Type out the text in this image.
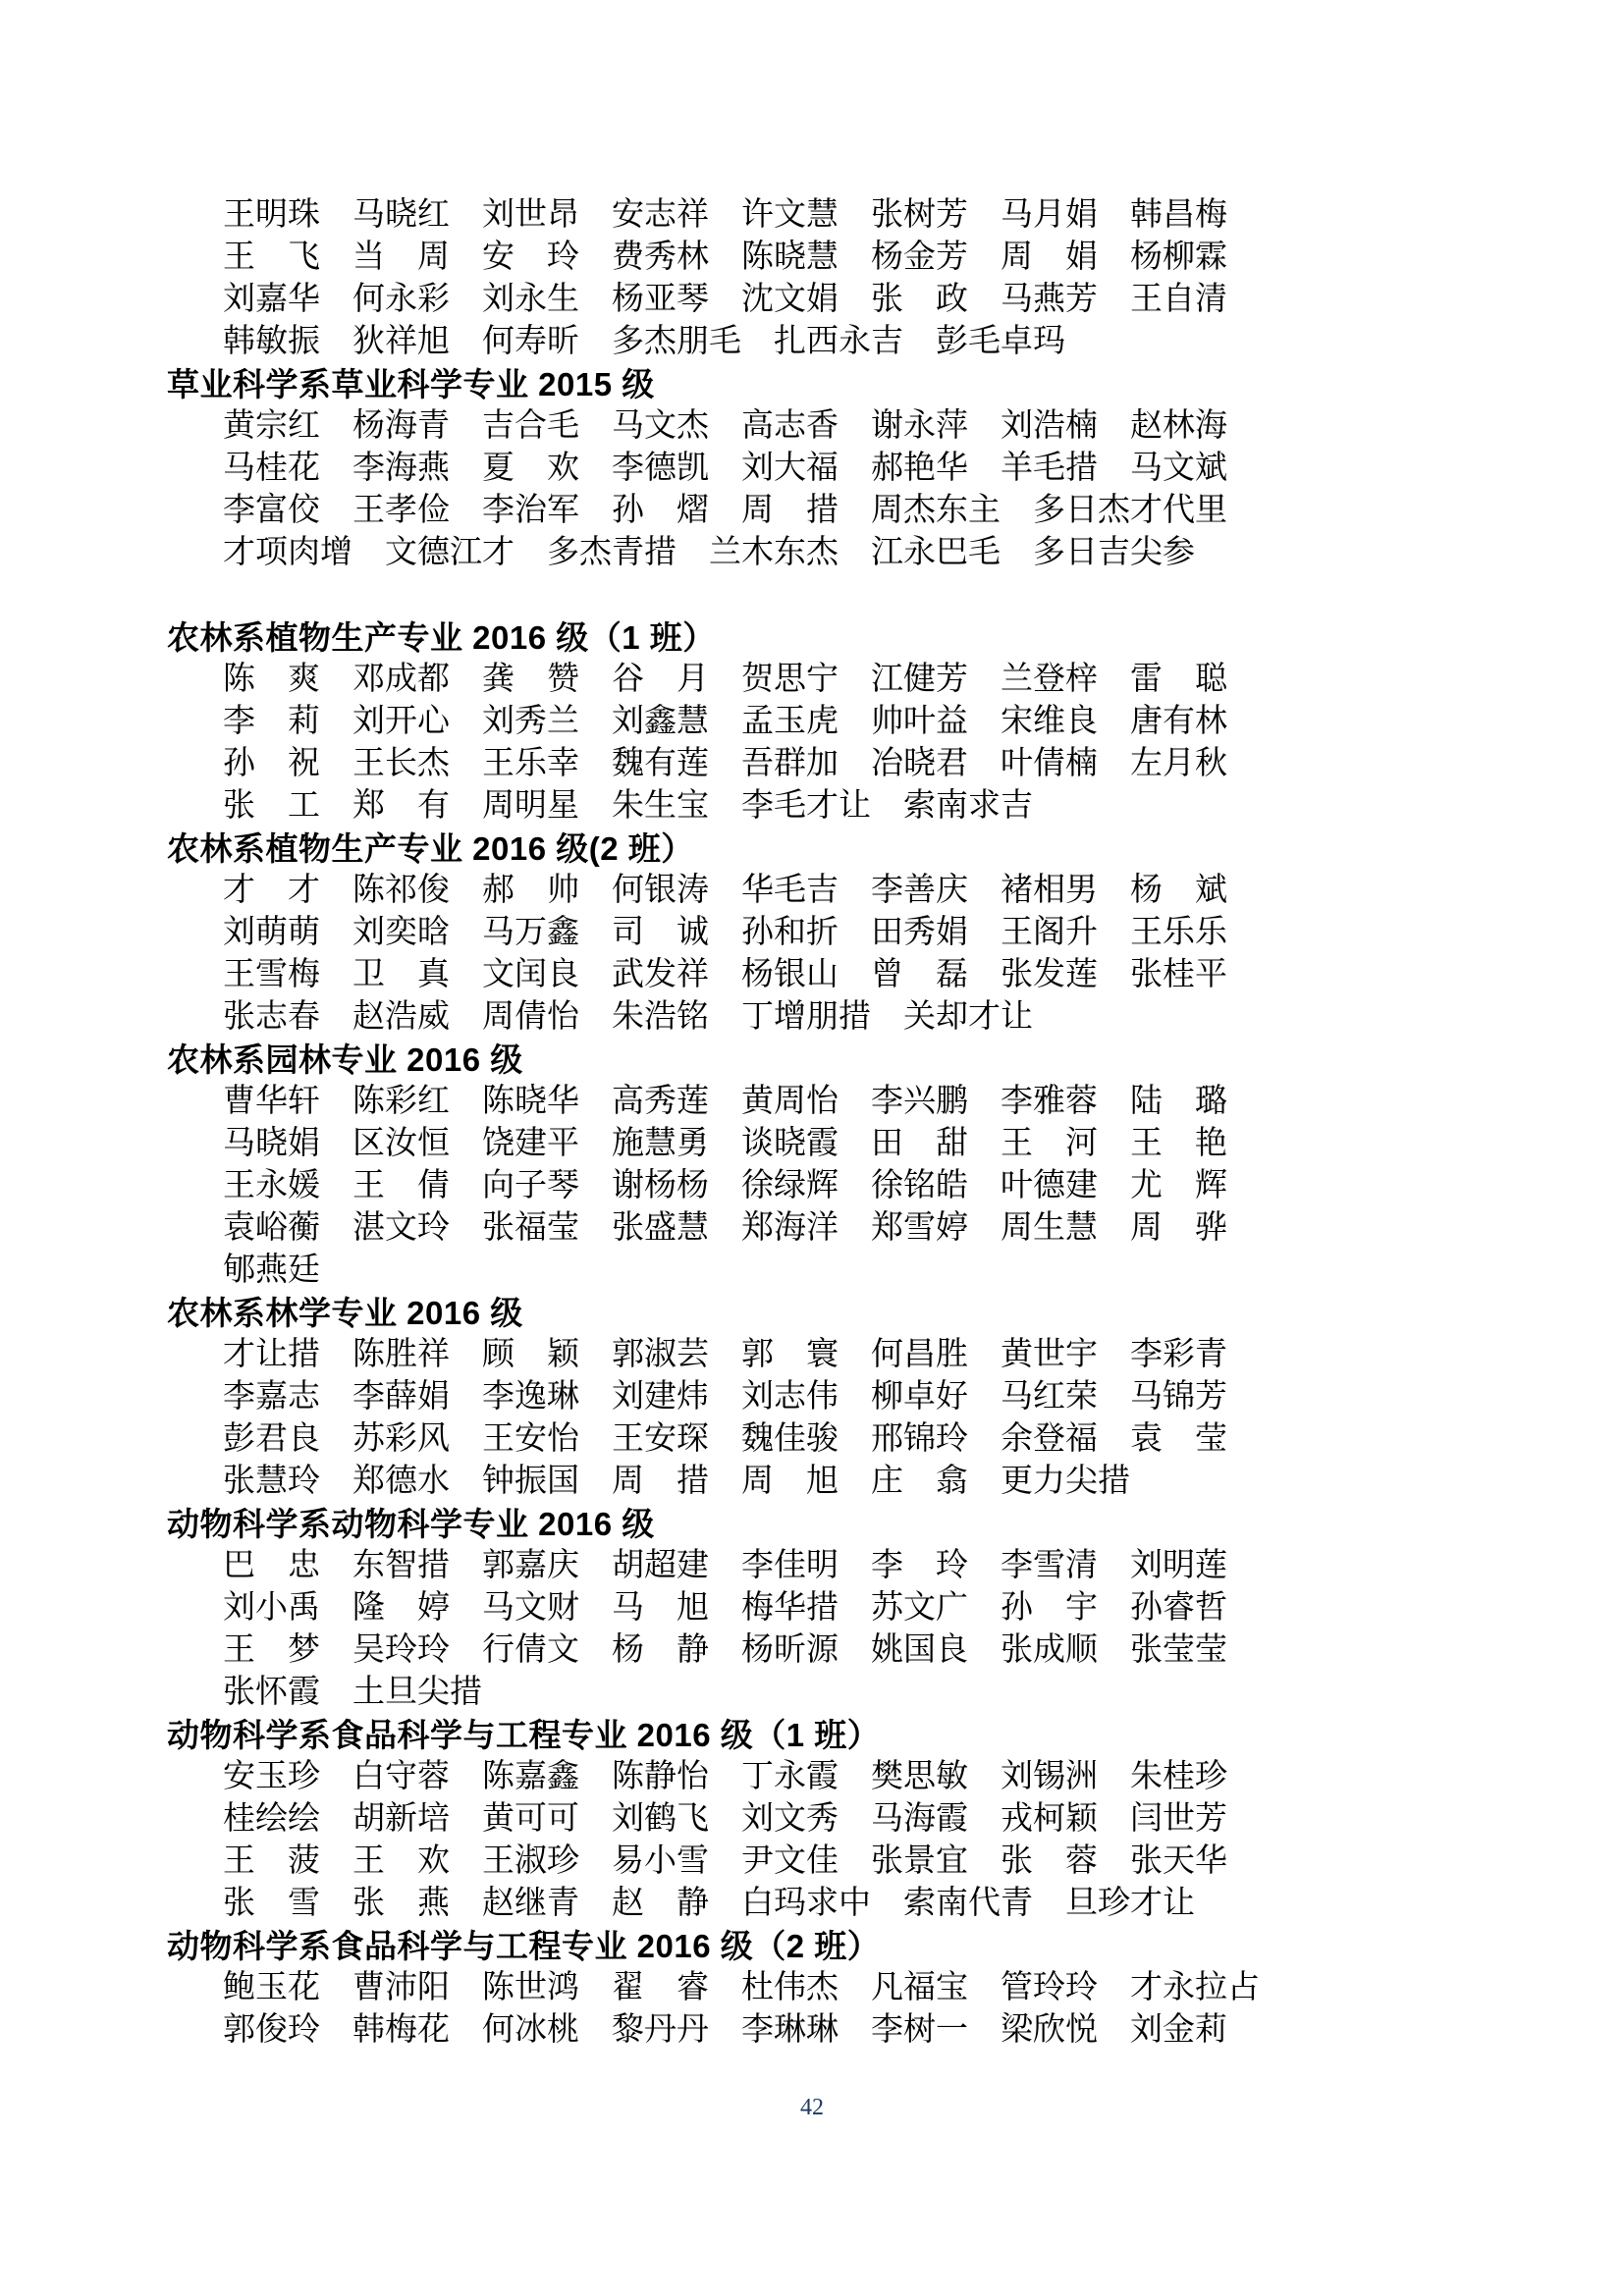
王明珠 马晓红 刘世昂 安志祥 许文慧 张树芳 马月娟 韩昌梅
王　飞 当　周 安　玲 费秀林 陈晓慧 杨金芳 周　娟 杨柳霖
刘嘉华 何永彩 刘永生 杨亚琴 沈文娟 张　政 马燕芳 王自清
韩敏振 狄祥旭 何寿昕 多杰朋毛 扎西永吉 彭毛卓玛
草业科学系草业科学专业 2015 级
黄宗红 杨海青 吉合毛 马文杰 高志香 谢永萍 刘浩楠 赵林海
马桂花 李海燕 夏　欢 李德凯 刘大福 郝艳华 羊毛措 马文斌
李富佼 王孝俭 李治军 孙　熠 周　措 周杰东主 多日杰才代里
才项肉增 文德江才 多杰青措 兰木东杰 江永巴毛 多日吉尖参
农林系植物生产专业 2016 级（1 班）
陈　爽 邓成都 龚　赞 谷　月 贺思宁 江健芳 兰登梓 雷　聪
李　莉 刘开心 刘秀兰 刘鑫慧 孟玉虎 帅叶益 宋维良 唐有林
孙　祝 王长杰 王乐幸 魏有莲 吾群加 冶晓君 叶倩楠 左月秋
张　工 郑　有 周明星 朱生宝 李毛才让 索南求吉
农林系植物生产专业 2016 级(2 班）
才　才 陈祁俊 郝　帅 何银涛 华毛吉 李善庆 褚相男 杨　斌
刘萌萌 刘奕晗 马万鑫 司　诚 孙和折 田秀娟 王阁升 王乐乐
王雪梅 卫　真 文闰良 武发祥 杨银山 曾　磊 张发莲 张桂平
张志春 赵浩威 周倩怡 朱浩铭 丁增朋措 关却才让
农林系园林专业 2016 级
曹华轩 陈彩红 陈晓华 高秀莲 黄周怡 李兴鹏 李雅蓉 陆　璐
马晓娟 区汝恒 饶建平 施慧勇 谈晓霞 田　甜 王　河 王　艳
王永媛 王　倩 向子琴 谢杨杨 徐绿辉 徐铭皓 叶德建 尤　辉
袁峪蘅 湛文玲 张福莹 张盛慧 郑海洋 郑雪婷 周生慧 周　骅
郇燕廷
农林系林学专业 2016 级
才让措 陈胜祥 顾　颖 郭淑芸 郭　寰 何昌胜 黄世宇 李彩青
李嘉志 李薛娟 李逸琳 刘建炜 刘志伟 柳卓好 马红荣 马锦芳
彭君良 苏彩风 王安怡 王安琛 魏佳骏 邢锦玲 余登福 袁　莹
张慧玲 郑德水 钟振国 周　措 周　旭 庄　翕 更力尖措
动物科学系动物科学专业 2016 级
巴　忠 东智措 郭嘉庆 胡超建 李佳明 李　玲 李雪清 刘明莲
刘小禹 隆　婷 马文财 马　旭 梅华措 苏文广 孙　宇 孙睿哲
王　梦 吴玲玲 行倩文 杨　静 杨昕源 姚国良 张成顺 张莹莹
张怀霞 土旦尖措
动物科学系食品科学与工程专业 2016 级（1 班）
安玉珍 白守蓉 陈嘉鑫 陈静怡 丁永霞 樊思敏 刘锡洲 朱桂珍
桂绘绘 胡新培 黄可可 刘鹤飞 刘文秀 马海霞 戎柯颖 闫世芳
王　菠 王　欢 王淑珍 易小雪 尹文佳 张景宜 张　蓉 张天华
张　雪 张　燕 赵继青 赵　静 白玛求中 索南代青 旦珍才让
动物科学系食品科学与工程专业 2016 级（2 班）
鲍玉花 曹沛阳 陈世鸿 翟　睿 杜伟杰 凡福宝 管玲玲 才永拉占
郭俊玲 韩梅花 何冰桃 黎丹丹 李琳琳 李树一 梁欣悦 刘金莉
42
